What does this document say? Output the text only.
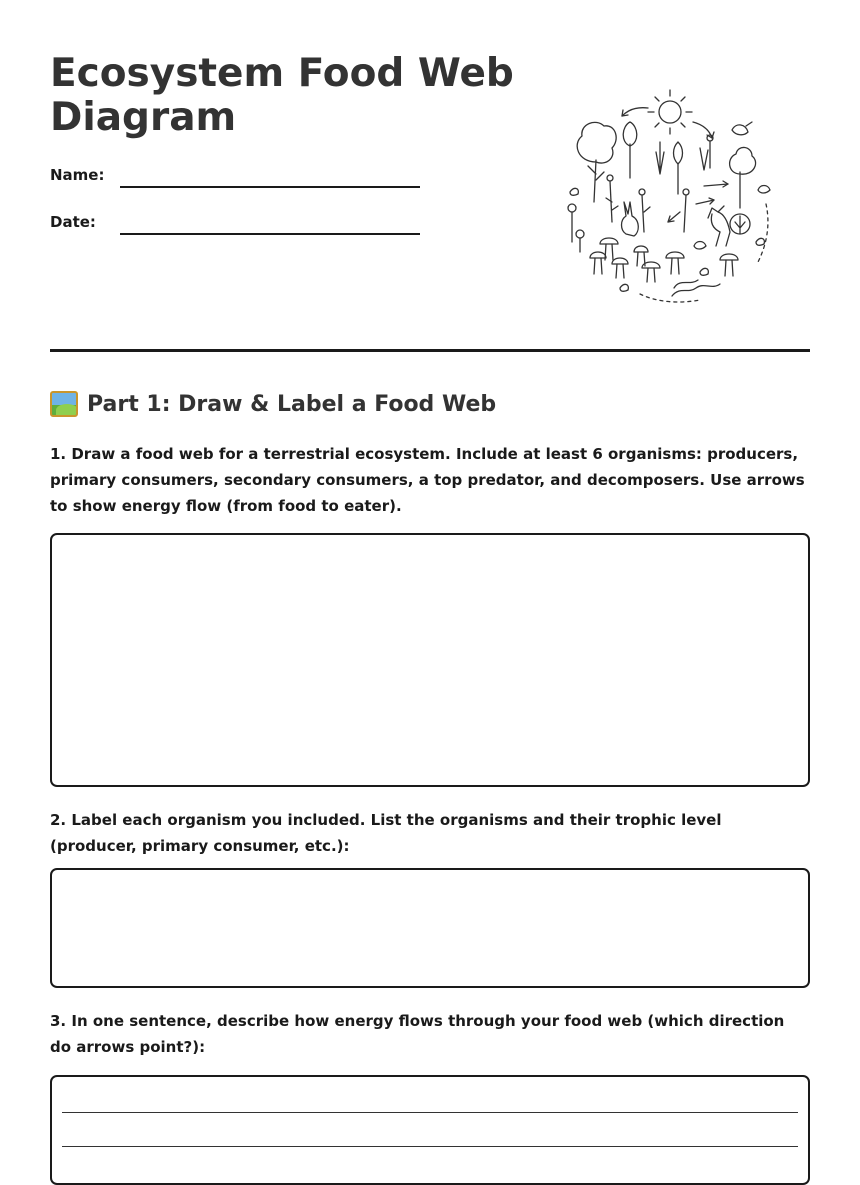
Ecosystem Food Web Diagram
Name:
Date:
Part 1: Draw & Label a Food Web

1. Draw a food web for a terrestrial ecosystem. Include at least 6 organisms: producers, primary consumers, secondary consumers, a top predator, and decomposers. Use arrows to show energy flow (from food to eater).

2. Label each organism you included. List the organisms and their trophic level (producer, primary consumer, etc.):

3. In one sentence, describe how energy flows through your food web (which direction do arrows point?):
